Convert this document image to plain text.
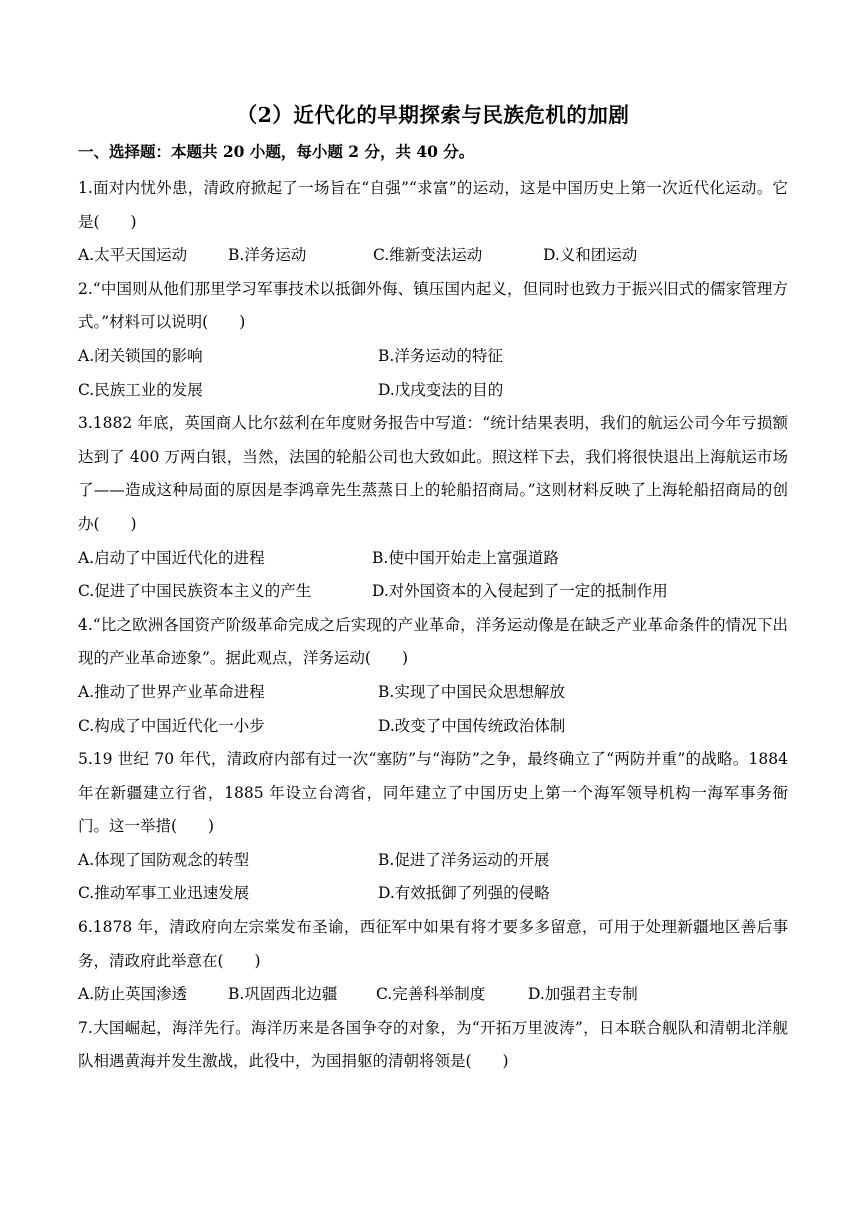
（2）近代化的早期探索与民族危机的加剧
一、选择题：本题共 20 小题，每小题 2 分，共 40 分。

1.面对内忧外患，清政府掀起了一场旨在“自强”“求富”的运动，这是中国历史上第一次近代化运动。它是(　　)

A.太平天国运动	B.洋务运动	C.维新变法运动	D.义和团运动

2.“中国则从他们那里学习军事技术以抵御外侮、镇压国内起义，但同时也致力于振兴旧式的儒家管理方式。”材料可以说明(　　)

A.闭关锁国的影响	B.洋务运动的特征
C.民族工业的发展	D.戊戌变法的目的

3.1882 年底，英国商人比尔兹利在年度财务报告中写道：“统计结果表明，我们的航运公司今年亏损额达到了 400 万两白银，当然，法国的轮船公司也大致如此。照这样下去，我们将很快退出上海航运市场了——造成这种局面的原因是李鸿章先生蒸蒸日上的轮船招商局。”这则材料反映了上海轮船招商局的创办(　　)

A.启动了中国近代化的进程	B.使中国开始走上富强道路
C.促进了中国民族资本主义的产生	D.对外国资本的入侵起到了一定的抵制作用

4.“比之欧洲各国资产阶级革命完成之后实现的产业革命，洋务运动像是在缺乏产业革命条件的情况下出现的产业革命迹象”。据此观点，洋务运动(　　)

A.推动了世界产业革命进程	B.实现了中国民众思想解放
C.构成了中国近代化一小步	D.改变了中国传统政治体制

5.19 世纪 70 年代，清政府内部有过一次“塞防”与“海防”之争，最终确立了“两防并重”的战略。1884 年在新疆建立行省，1885 年设立台湾省，同年建立了中国历史上第一个海军领导机构一海军事务衙门。这一举措(　　)

A.体现了国防观念的转型	B.促进了洋务运动的开展
C.推动军事工业迅速发展	D.有效抵御了列强的侵略

6.1878 年，清政府向左宗棠发布圣谕，西征军中如果有将才要多多留意，可用于处理新疆地区善后事务，清政府此举意在(　　)

A.防止英国渗透	B.巩固西北边疆	C.完善科举制度	D.加强君主专制

7.大国崛起，海洋先行。海洋历来是各国争夺的对象，为“开拓万里波涛”，日本联合舰队和清朝北洋舰队相遇黄海并发生激战，此役中，为国捐躯的清朝将领是(　　)
